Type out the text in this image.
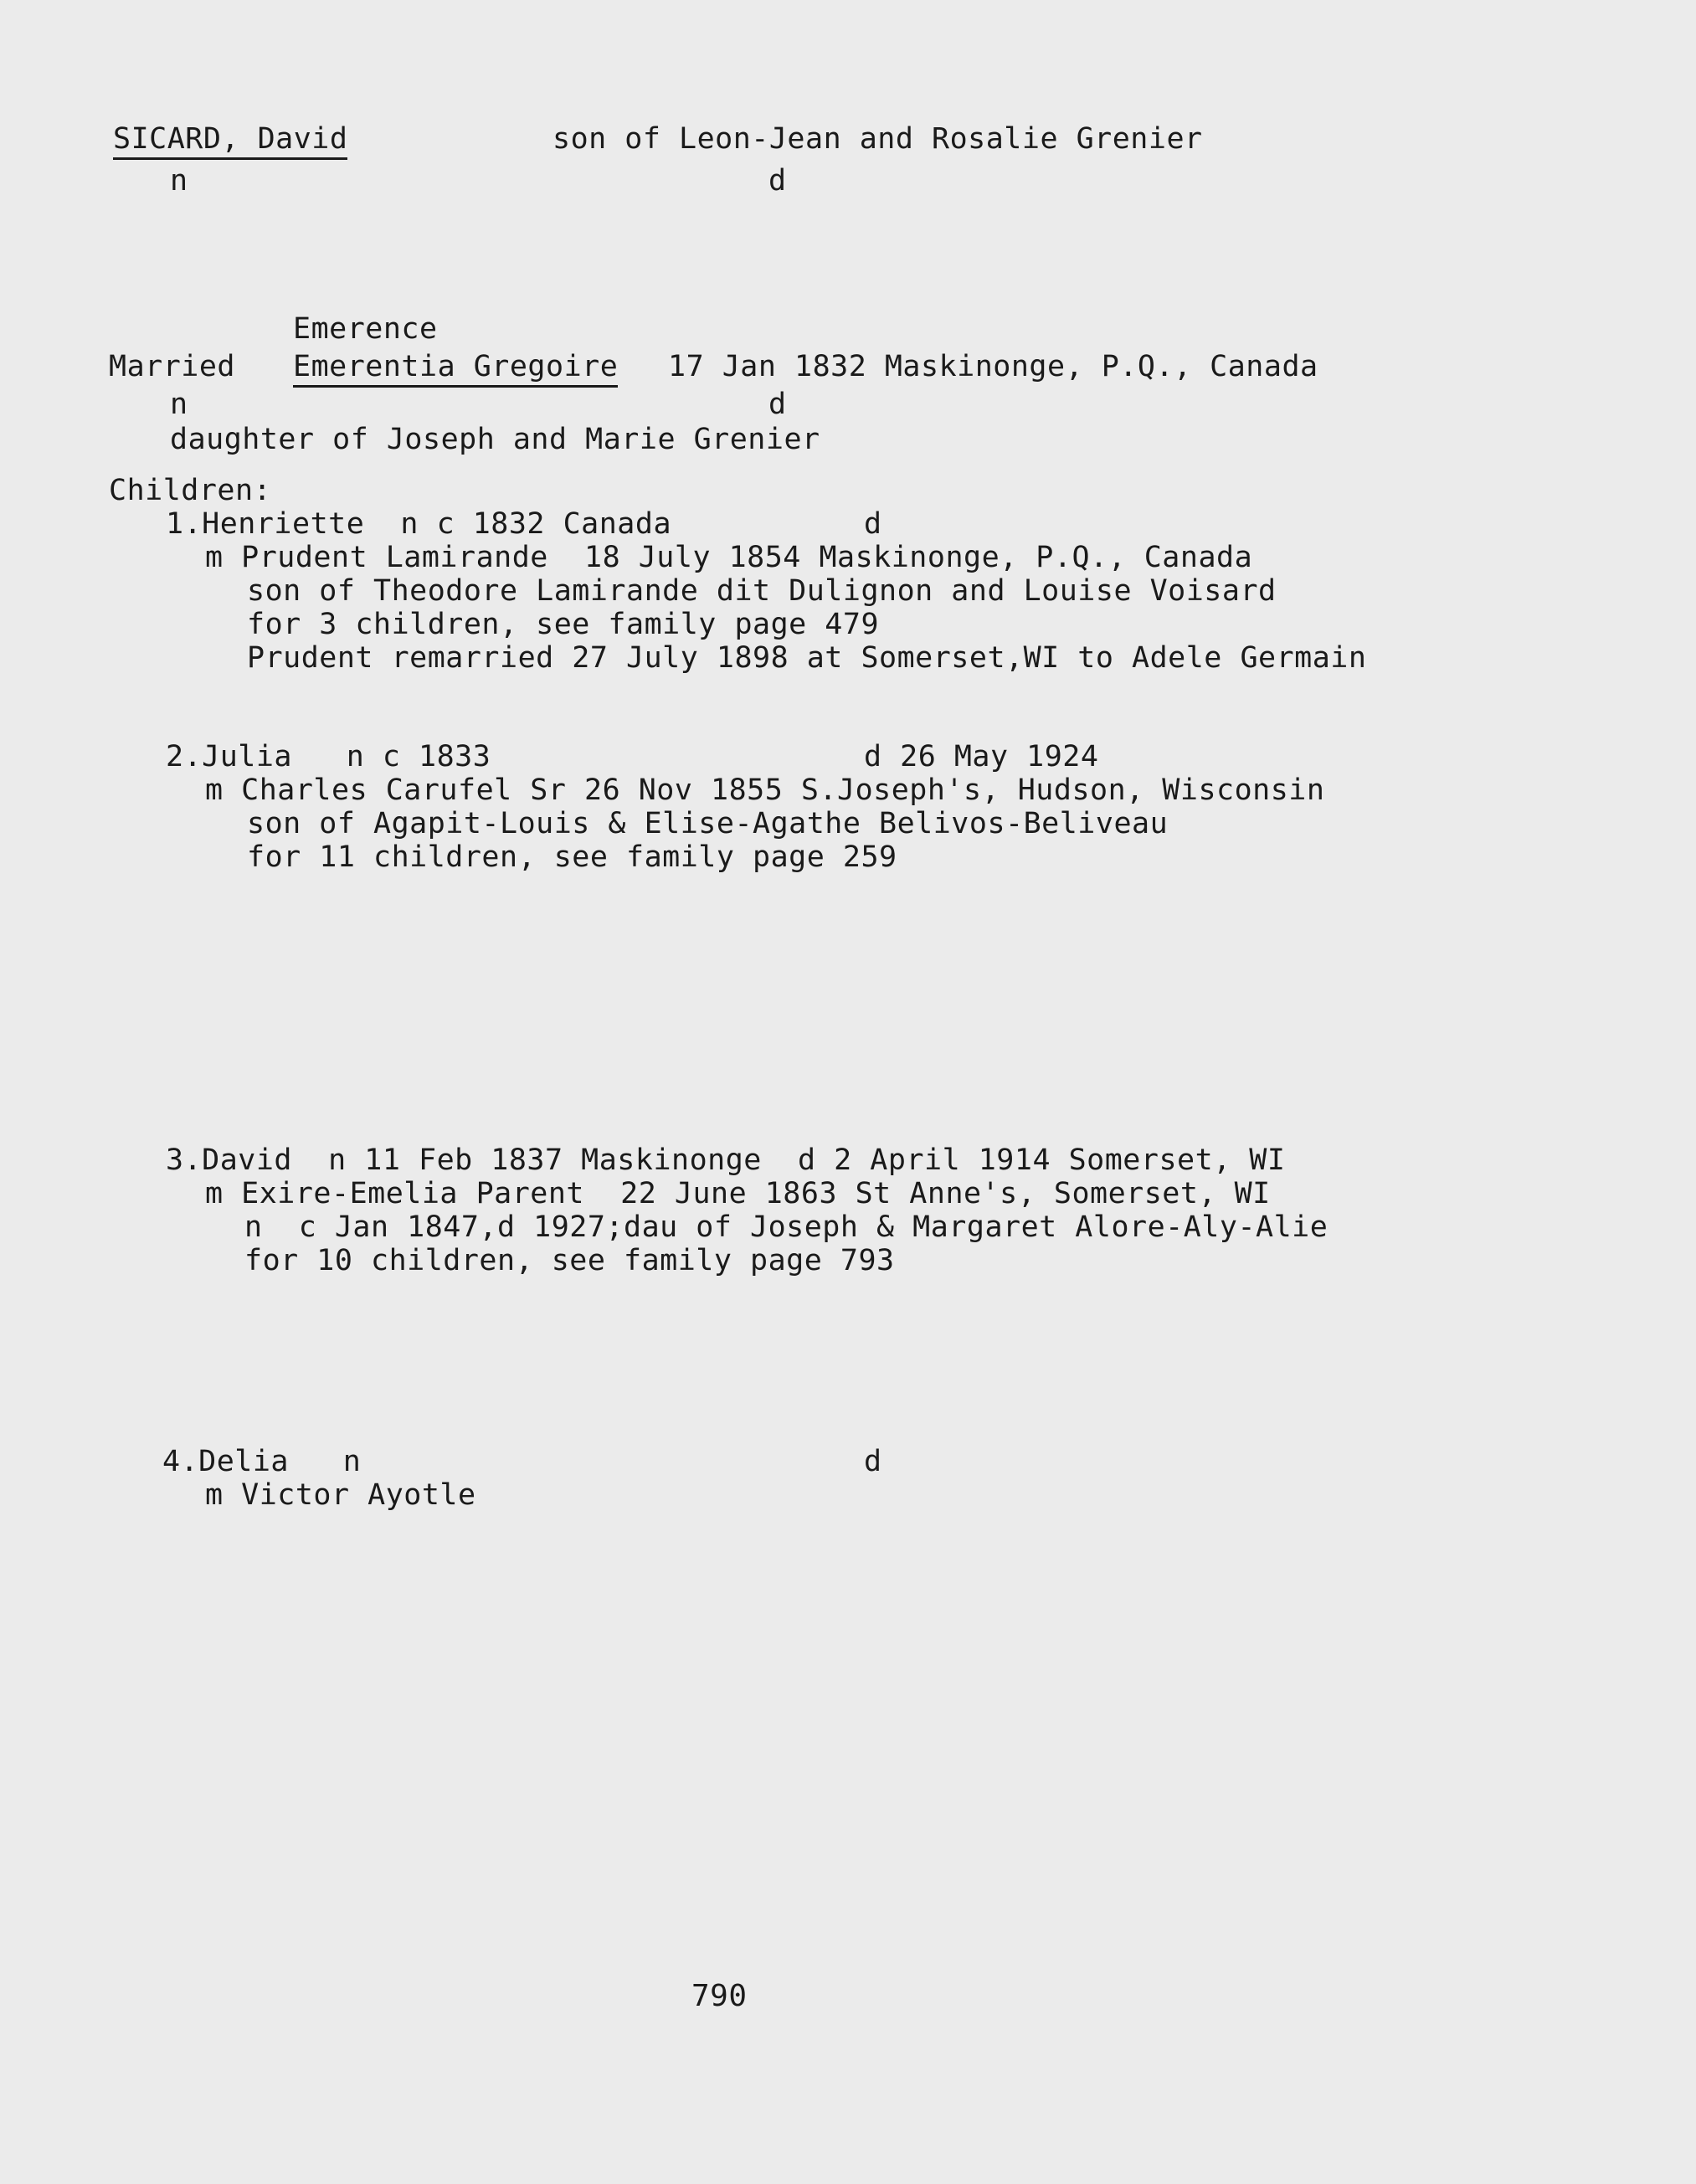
SICARD, David	son of Leon-Jean and Rosalie Grenier
n	d
Emerence
Married Emerentia Gregoire 17 Jan 1832 Maskinonge, P.Q., Canada
n	d
daughter of Joseph and Marie Grenier
Children:
1.Henriette  n c 1832 Canada	d
m Prudent Lamirande  18 July 1854 Maskinonge, P.Q., Canada
son of Theodore Lamirande dit Dulignon and Louise Voisard
for 3 children, see family page 479
Prudent remarried 27 July 1898 at Somerset,WI to Adele Germain
2.Julia   n c 1833	d 26 May 1924
m Charles Carufel Sr 26 Nov 1855 S.Joseph's, Hudson, Wisconsin
son of Agapit-Louis & Elise-Agathe Belivos-Beliveau
for 11 children, see family page 259
3.David  n 11 Feb 1837 Maskinonge  d 2 April 1914 Somerset, WI
m Exire-Emelia Parent  22 June 1863 St Anne's, Somerset, WI
n  c Jan 1847,d 1927;dau of Joseph & Margaret Alore-Aly-Alie
for 10 children, see family page 793
4.Delia   n	d
m Victor Ayotle
790
